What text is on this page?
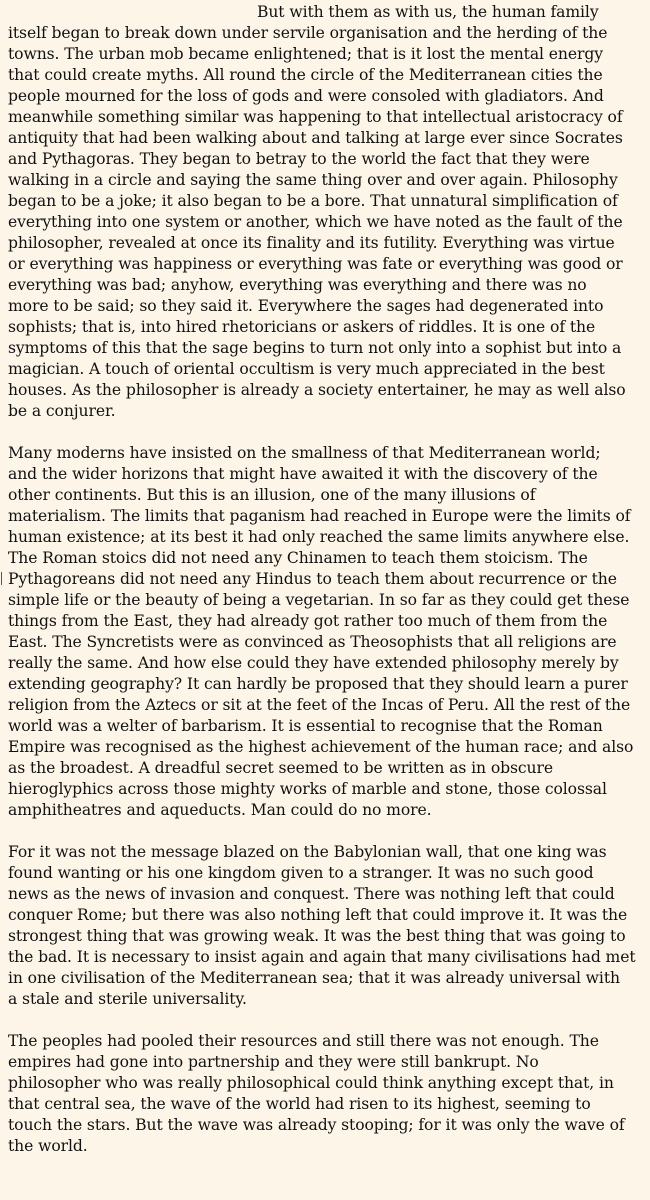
But with them as with us, the human family
itself began to break down under servile organisation and the herding of the
towns. The urban mob became enlightened; that is it lost the mental energy
that could create myths. All round the circle of the Mediterranean cities the
people mourned for the loss of gods and were consoled with gladiators. And
meanwhile something similar was happening to that intellectual aristocracy of
antiquity that had been walking about and talking at large ever since Socrates
and Pythagoras. They began to betray to the world the fact that they were
walking in a circle and saying the same thing over and over again. Philosophy
began to be a joke; it also began to be a bore. That unnatural simplification of
everything into one system or another, which we have noted as the fault of the
philosopher, revealed at once its finality and its futility. Everything was virtue
or everything was happiness or everything was fate or everything was good or
everything was bad; anyhow, everything was everything and there was no
more to be said; so they said it. Everywhere the sages had degenerated into
sophists; that is, into hired rhetoricians or askers of riddles. It is one of the
symptoms of this that the sage begins to turn not only into a sophist but into a
magician. A touch of oriental occultism is very much appreciated in the best
houses. As the philosopher is already a society entertainer, he may as well also
be a conjurer.
Many moderns have insisted on the smallness of that Mediterranean world;
and the wider horizons that might have awaited it with the discovery of the
other continents. But this is an illusion, one of the many illusions of
materialism. The limits that paganism had reached in Europe were the limits of
human existence; at its best it had only reached the same limits anywhere else.
The Roman stoics did not need any Chinamen to teach them stoicism. The
Pythagoreans did not need any Hindus to teach them about recurrence or the
simple life or the beauty of being a vegetarian. In so far as they could get these
things from the East, they had already got rather too much of them from the
East. The Syncretists were as convinced as Theosophists that all religions are
really the same. And how else could they have extended philosophy merely by
extending geography? It can hardly be proposed that they should learn a purer
religion from the Aztecs or sit at the feet of the Incas of Peru. All the rest of the
world was a welter of barbarism. It is essential to recognise that the Roman
Empire was recognised as the highest achievement of the human race; and also
as the broadest. A dreadful secret seemed to be written as in obscure
hieroglyphics across those mighty works of marble and stone, those colossal
amphitheatres and aqueducts. Man could do no more.
For it was not the message blazed on the Babylonian wall, that one king was
found wanting or his one kingdom given to a stranger. It was no such good
news as the news of invasion and conquest. There was nothing left that could
conquer Rome; but there was also nothing left that could improve it. It was the
strongest thing that was growing weak. It was the best thing that was going to
the bad. It is necessary to insist again and again that many civilisations had met
in one civilisation of the Mediterranean sea; that it was already universal with
a stale and sterile universality.
The peoples had pooled their resources and still there was not enough. The
empires had gone into partnership and they were still bankrupt. No
philosopher who was really philosophical could think anything except that, in
that central sea, the wave of the world had risen to its highest, seeming to
touch the stars. But the wave was already stooping; for it was only the wave of
the world.
